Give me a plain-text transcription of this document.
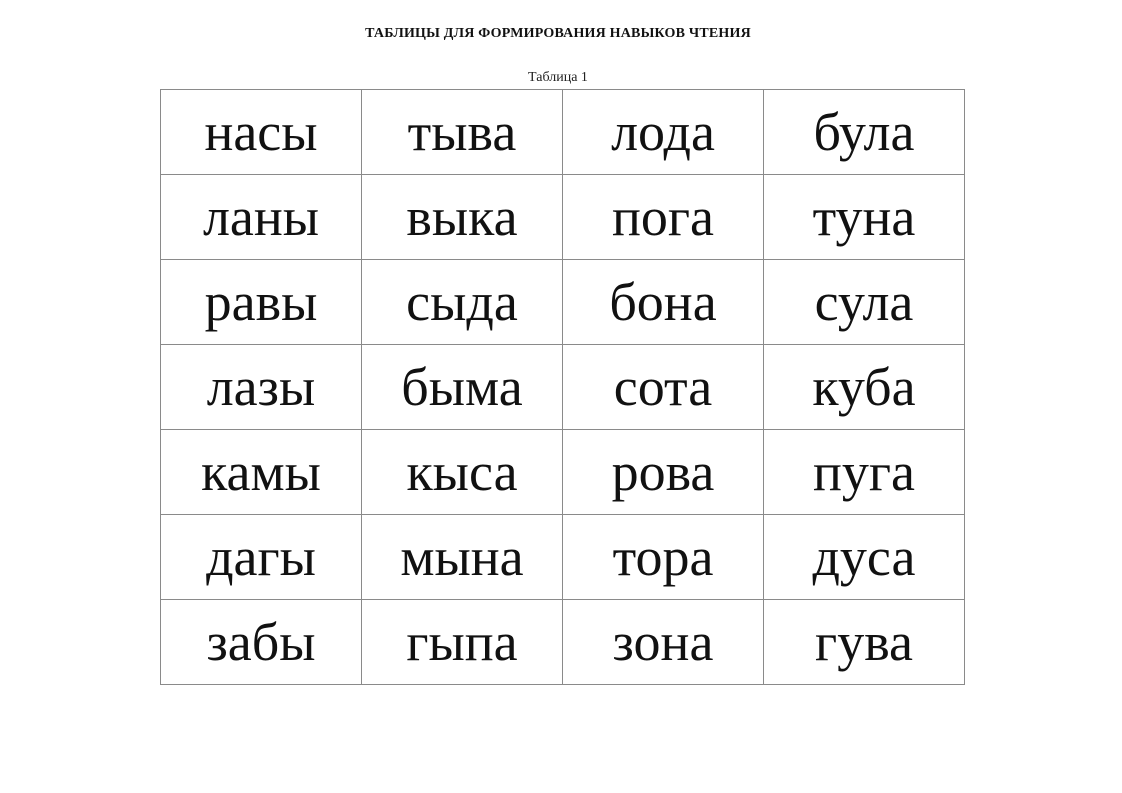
ТАБЛИЦЫ ДЛЯ ФОРМИРОВАНИЯ НАВЫКОВ ЧТЕНИЯ
Таблица 1
насы	тыва	лода	була
ланы	выка	пога	туна
равы	сыда	бона	сула
лазы	быма	сота	куба
камы	кыса	рова	пуга
дагы	мына	тора	дуса
забы	гыпа	зона	гува
